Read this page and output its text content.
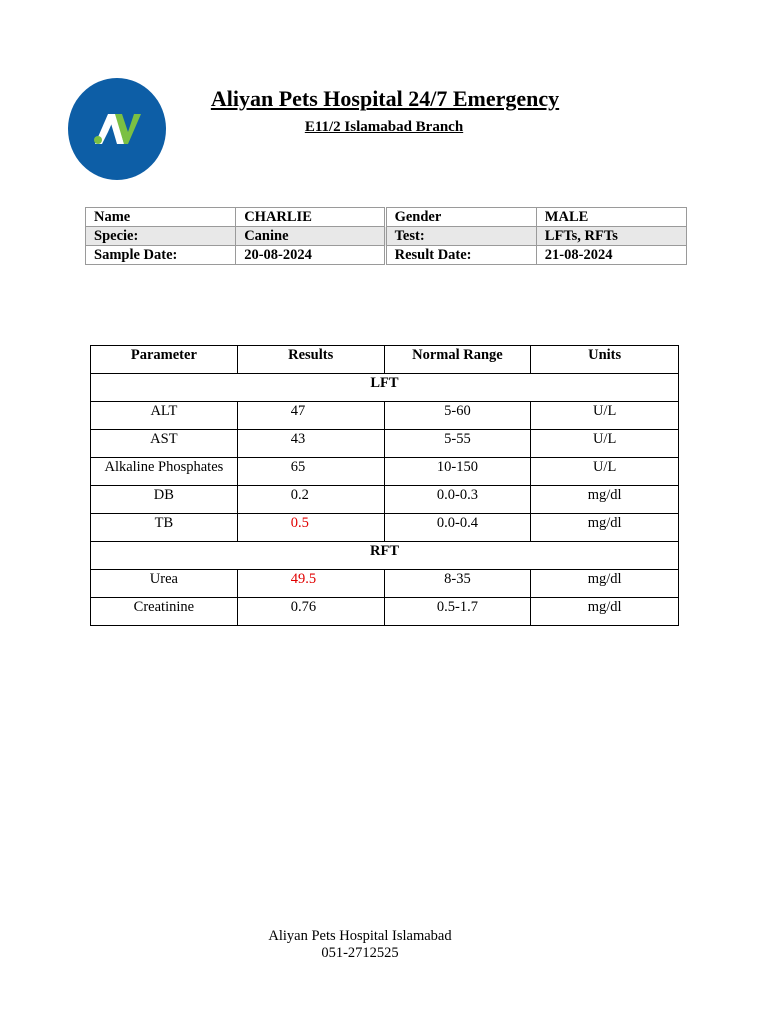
Aliyan Pets Hospital 24/7 Emergency
E11/2 Islamabad Branch
Name	CHARLIE	Gender	MALE
Specie:	Canine	Test:	LFTs, RFTs
Sample Date:	20-08-2024	Result Date:	21-08-2024
Parameter	Results	Normal Range	Units
LFT			
ALT	47	5-60	U/L
AST	43	5-55	U/L
Alkaline Phosphates	65	10-150	U/L
DB	0.2	0.0-0.3	mg/dl
TB	0.5	0.0-0.4	mg/dl
RFT			
Urea	49.5	8-35	mg/dl
Creatinine	0.76	0.5-1.7	mg/dl
Aliyan Pets Hospital Islamabad
051-2712525
